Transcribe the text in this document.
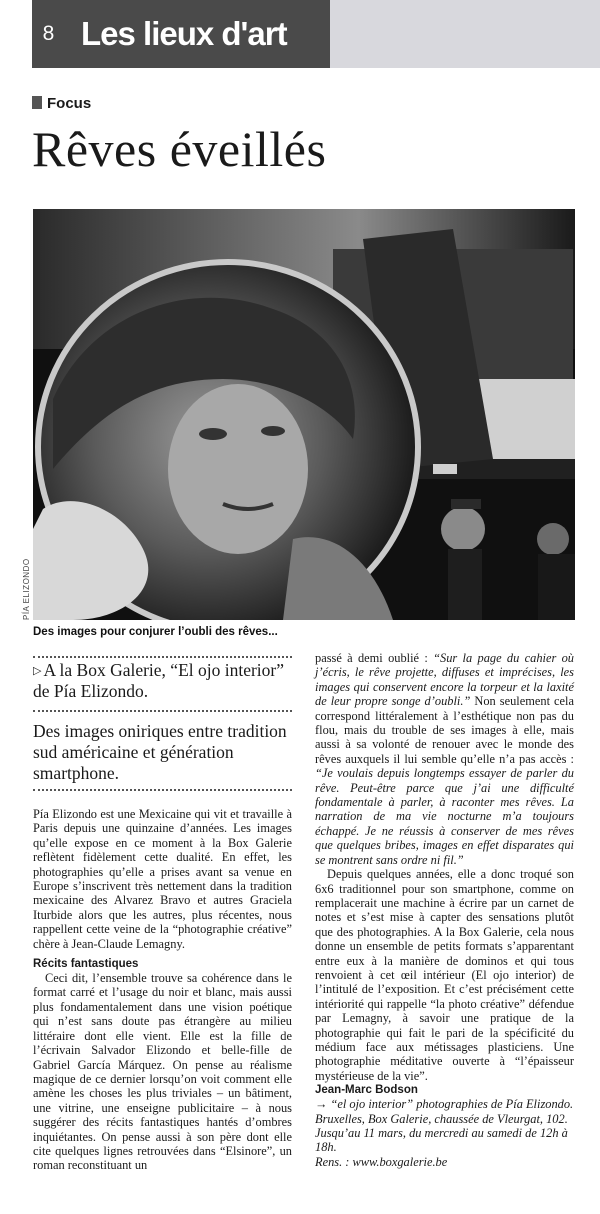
8 Les lieux d'art
Focus
Rêves éveillés
PÍA ELIZONDO
Des images pour conjurer l’oubli des rêves...
▷ A la Box Galerie, “El ojo interior” de Pía Elizondo.
Des images oniriques entre tradition sud américaine et génération smartphone.

Pía Elizondo est une Mexicaine qui vit et travaille à Paris depuis une quinzaine d’années. Les images qu’elle expose en ce moment à la Box Galerie reflètent fidèlement cette dualité. En effet, les photographies qu’elle a prises avant sa venue en Europe s’inscrivent très nettement dans la tradition mexicaine des Alvarez Bravo et autres Graciela Iturbide alors que les autres, plus récentes, nous rappellent cette veine de la “photographie créative” chère à Jean-Claude Lemagny.

Récits fantastiques

Ceci dit, l’ensemble trouve sa cohérence dans le format carré et l’usage du noir et blanc, mais aussi plus fondamentalement dans une vision poétique qui n’est sans doute pas étrangère au milieu littéraire dont elle vient. Elle est la fille de l’écrivain Salvador Elizondo et belle-fille de Gabriel García Márquez. On pense au réalisme magique de ce dernier lorsqu’on voit comment elle amène les choses les plus triviales – un bâtiment, une vitrine, une enseigne publicitaire – à nous suggérer des récits fantastiques hantés d’ombres inquiétantes. On pense aussi à son père dont elle cite quelques lignes retrouvées dans “Elsinore”, un roman reconstituant un

passé à demi oublié : “Sur la page du cahier où j’écris, le rêve projette, diffuses et imprécises, les images qui conservent encore la torpeur et la laxité de leur propre songe d’oubli.” Non seulement cela correspond littéralement à l’esthétique non pas du flou, mais du trouble de ses images à elle, mais aussi à sa volonté de renouer avec le monde des rêves auxquels il lui semble qu’elle n’a pas accès : “Je voulais depuis longtemps essayer de parler du rêve. Peut-être parce que j’ai une difficulté fondamentale à parler, à raconter mes rêves. La narration de ma vie nocturne m’a toujours échappé. Je ne réussis à conserver de mes rêves que quelques bribes, images en effet disparates qui se montrent sans ordre ni fil.”

Depuis quelques années, elle a donc troqué son 6x6 traditionnel pour son smartphone, comme on remplacerait une machine à écrire par un carnet de notes et s’est mise à capter des sensations plutôt que des photographies. A la Box Galerie, cela nous donne un ensemble de petits formats s’apparentant entre eux à la manière de dominos et qui tous renvoient à cet œil intérieur (El ojo interior) de l’intitulé de l’exposition. Et c’est précisément cette intériorité qui rappelle “la photo créative” défendue par Lemagny, à savoir une pratique de la photographie qui fait le pari de la spécificité du médium face aux métissages plasticiens. Une photographie méditative ouverte à “l’épaisseur mystérieuse de la vie”.

Jean-Marc Bodson

→ “el ojo interior” photographies de Pía Elizondo. Bruxelles, Box Galerie, chaussée de Vleurgat, 102. Jusqu’au 11 mars, du mercredi au samedi de 12h à 18h.

Rens. : www.boxgalerie.be
